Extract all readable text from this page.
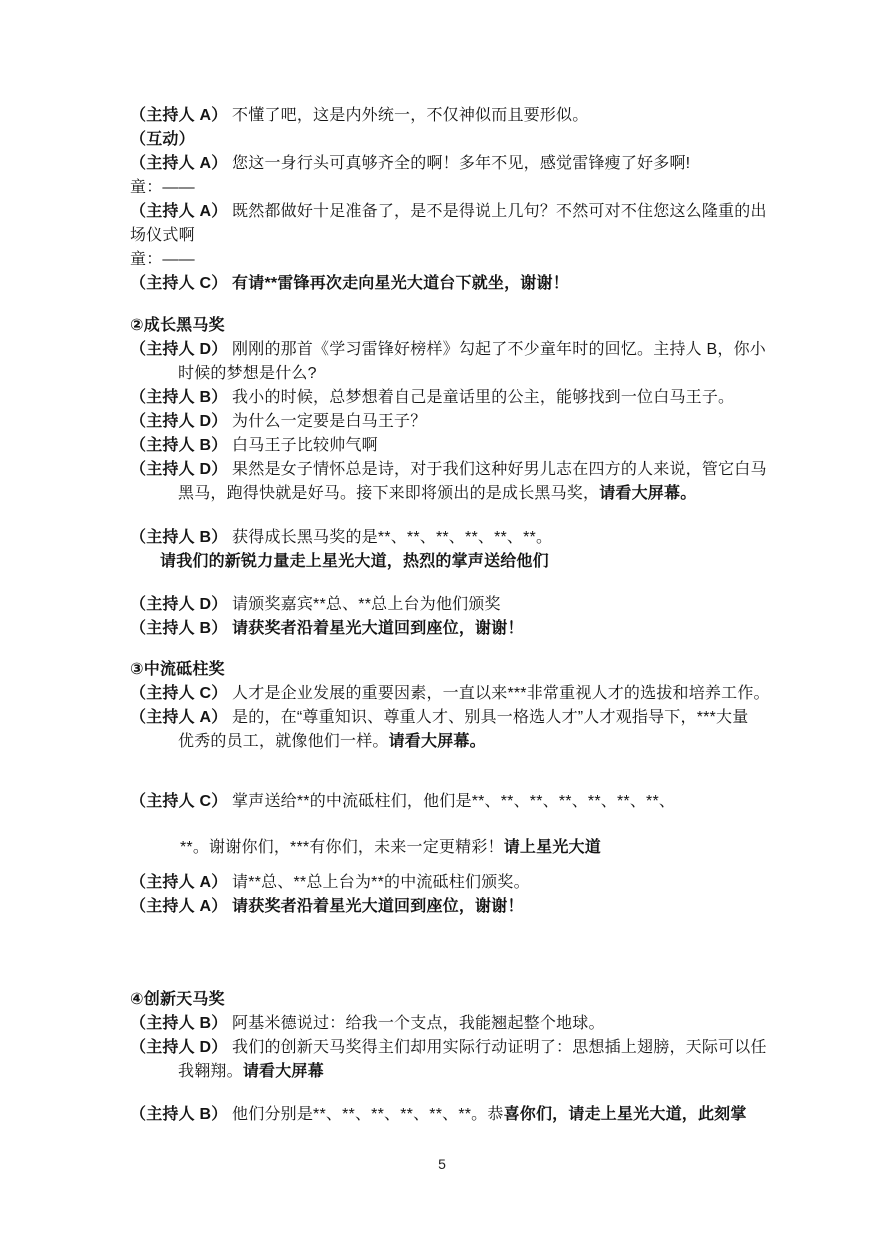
（主持人 A） 不懂了吧，这是内外统一，不仅神似而且要形似。
（互动）
（主持人 A） 您这一身行头可真够齐全的啊！多年不见，感觉雷锋瘦了好多啊!
童：——
（主持人 A） 既然都做好十足准备了，是不是得说上几句？不然可对不住您这么隆重的出
场仪式啊
童：——
（主持人 C） 有请**雷锋再次走向星光大道台下就坐，谢谢！
②成长黑马奖
（主持人 D） 刚刚的那首《学习雷锋好榜样》勾起了不少童年时的回忆。主持人 B，你小
时候的梦想是什么?
（主持人 B） 我小的时候，总梦想着自己是童话里的公主，能够找到一位白马王子。
（主持人 D） 为什么一定要是白马王子？
（主持人 B） 白马王子比较帅气啊
（主持人 D） 果然是女子情怀总是诗，对于我们这种好男儿志在四方的人来说，管它白马
黑马，跑得快就是好马。接下来即将颁出的是成长黑马奖，请看大屏幕。
（主持人 B） 获得成长黑马奖的是**、**、**、**、**、**。
请我们的新锐力量走上星光大道，热烈的掌声送给他们
（主持人 D） 请颁奖嘉宾**总、**总上台为他们颁奖
（主持人 B） 请获奖者沿着星光大道回到座位，谢谢！
③中流砥柱奖
（主持人 C） 人才是企业发展的重要因素，一直以来***非常重视人才的选拔和培养工作。
（主持人 A） 是的，在“尊重知识、尊重人才、别具一格选人才”人才观指导下，***大量
优秀的员工，就像他们一样。请看大屏幕。
（主持人 C） 掌声送给**的中流砥柱们，他们是**、**、**、**、**、**、**、
**。谢谢你们，***有你们，未来一定更精彩！请上星光大道
（主持人 A） 请**总、**总上台为**的中流砥柱们颁奖。
（主持人 A） 请获奖者沿着星光大道回到座位，谢谢！
④创新天马奖
（主持人 B） 阿基米德说过：给我一个支点，我能翘起整个地球。
（主持人 D） 我们的创新天马奖得主们却用实际行动证明了：思想插上翅膀，天际可以任
我翱翔。请看大屏幕
（主持人 B） 他们分别是**、**、**、**、**、**。恭喜你们，请走上星光大道，此刻掌
5
